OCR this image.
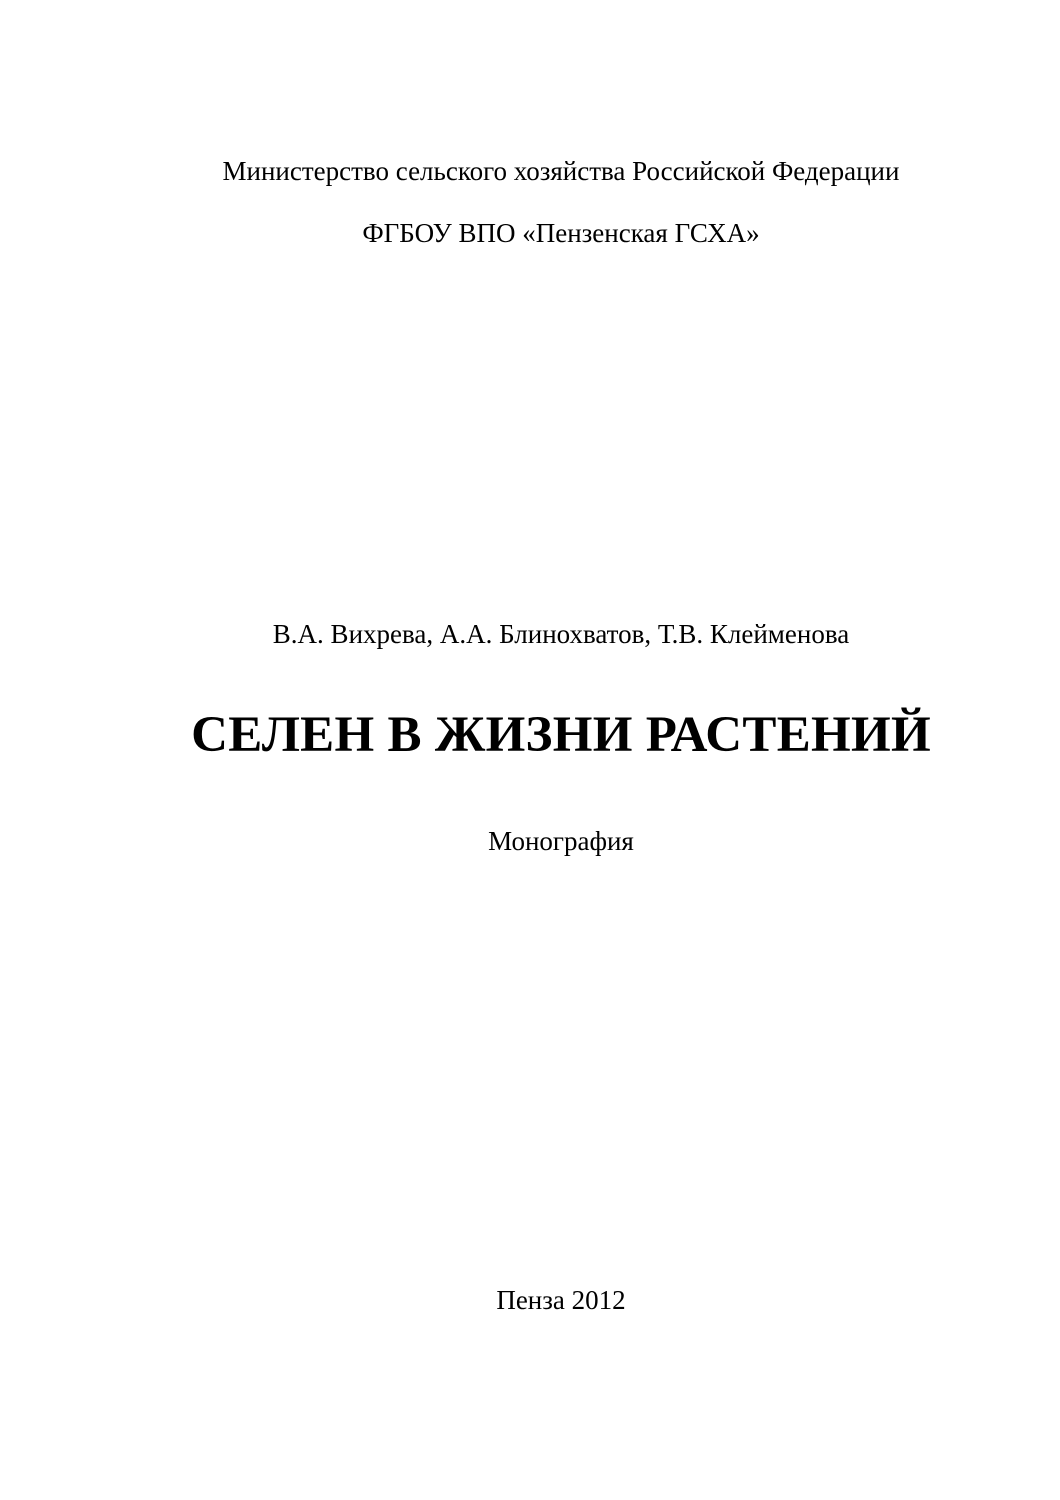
Министерство сельского хозяйства Российской Федерации
ФГБОУ ВПО «Пензенская ГСХА»
В.А. Вихрева, А.А. Блинохватов, Т.В. Клейменова
СЕЛЕН В ЖИЗНИ РАСТЕНИЙ
Монография
Пенза 2012
